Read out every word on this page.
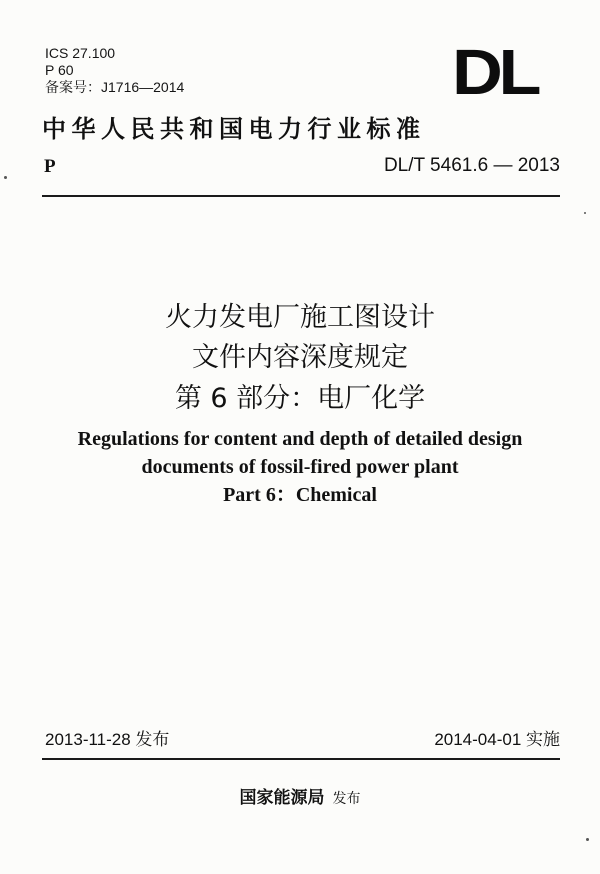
ICS 27.100
P 60
备案号：J1716—2014	DL
中华人民共和国电力行业标准
P	DL/T 5461.6 — 2013
火力发电厂施工图设计
文件内容深度规定
第 6 部分：电厂化学
Regulations for content and depth of detailed design
documents of fossil-fired power plant
Part 6：Chemical
2013-11-28 发布	2014-04-01 实施
国家能源局 发布
